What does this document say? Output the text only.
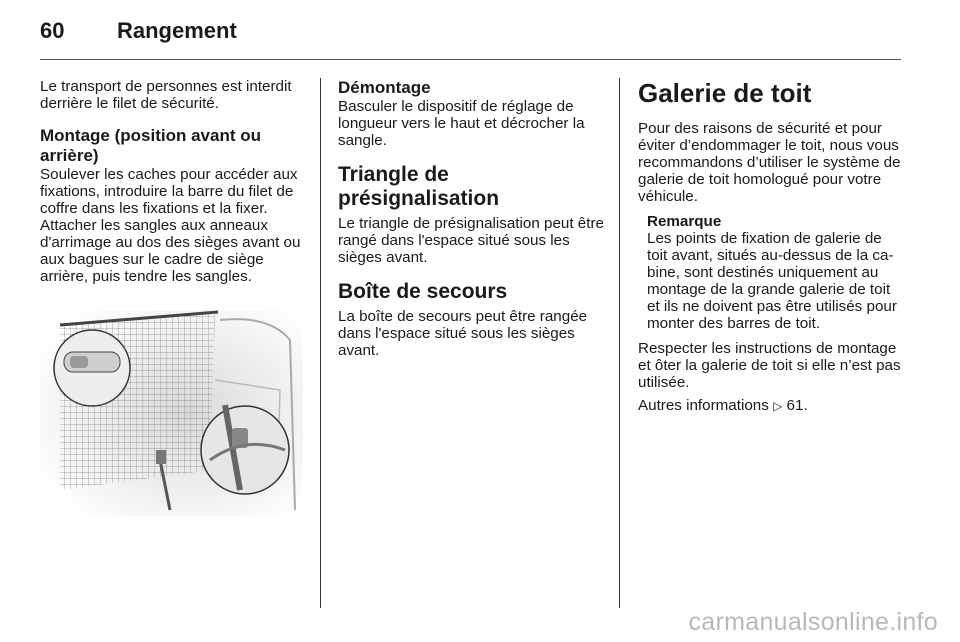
60 Rangement

Le transport de personnes est interdit derrière le filet de sécurité.

Montage (position avant ou arrière)

Soulever les caches pour accéder aux fixations, introduire la barre du filet de coffre dans les fixations et la fixer. Attacher les sangles aux anneaux d'arrimage au dos des sièges avant ou aux bagues sur le cadre de siège arrière, puis tendre les sangles.

Démontage

Basculer le dispositif de réglage de longueur vers le haut et décrocher la sangle.

Triangle de présignalisation

Le triangle de présignalisation peut être rangé dans l'espace situé sous les sièges avant.

Boîte de secours

La boîte de secours peut être rangée dans l'espace situé sous les sièges avant.

Galerie de toit

Pour des raisons de sécurité et pour éviter d’endommager le toit, nous vous recommandons d’utiliser le système de galerie de toit homologué pour votre véhicule.

Remarque

Les points de fixation de galerie de toit avant, situés au-dessus de la cabine, sont destinés uniquement au montage de la grande galerie de toit et ils ne doivent pas être utilisés pour monter des barres de toit.

Respecter les instructions de montage et ôter la galerie de toit si elle n’est pas utilisée.

Autres informations ▷ 61.

carmanualsonline.info
